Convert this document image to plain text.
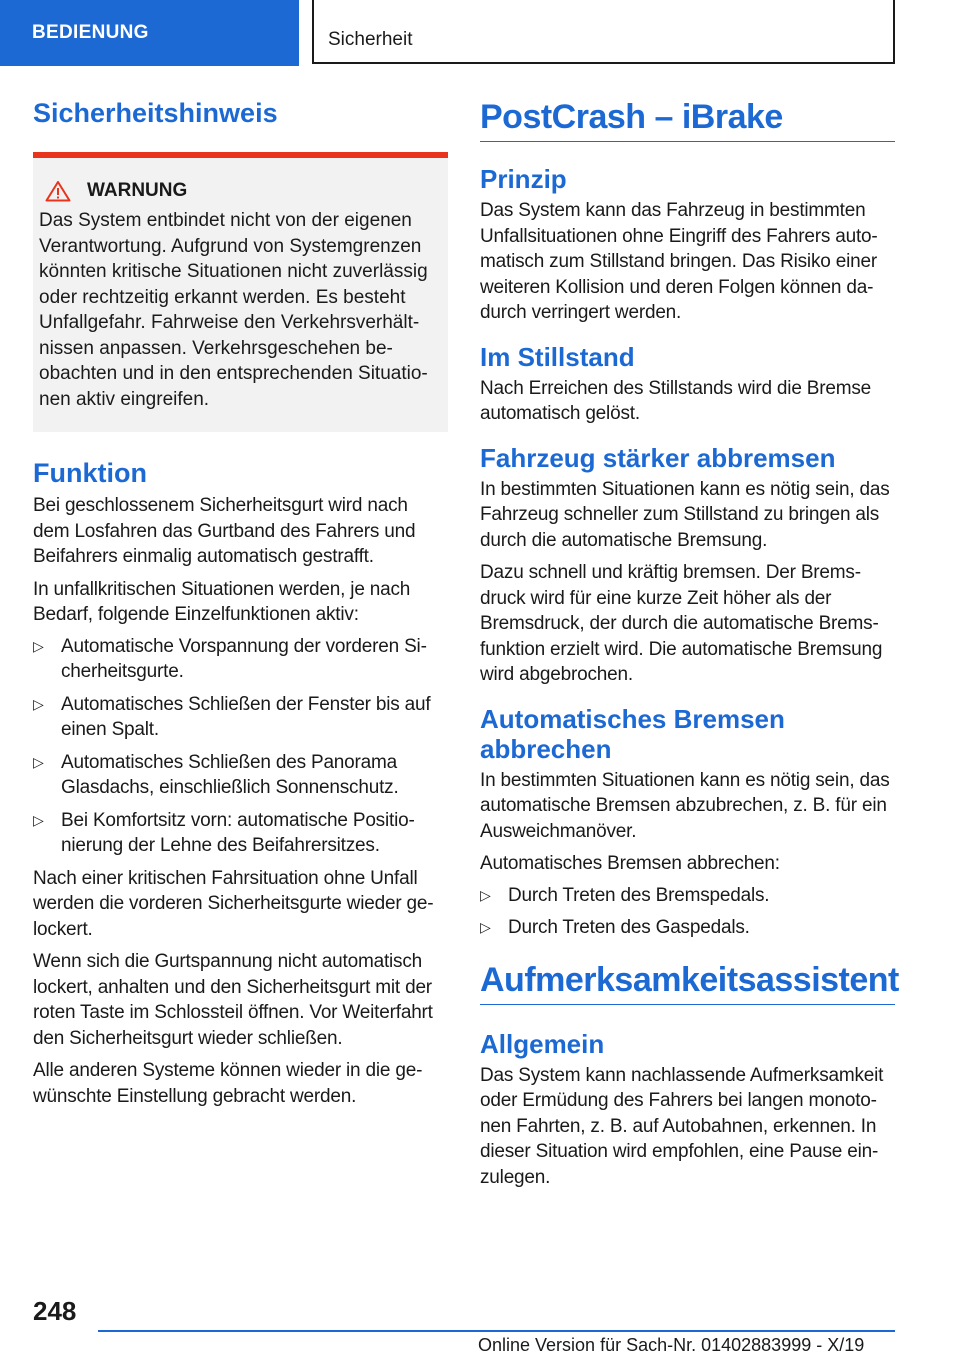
BEDIENUNG	Sicherheit
Sicherheitshinweis
WARNUNG
Das System entbindet nicht von der eigenen Verantwortung. Aufgrund von Systemgrenzen könnten kritische Situationen nicht zuverlässig oder rechtzeitig erkannt werden. Es besteht Unfallgefahr. Fahrweise den Verkehrsverhältnissen anpassen. Verkehrsgeschehen beobachten und in den entsprechenden Situationen aktiv eingreifen.
Funktion

Bei geschlossenem Sicherheitsgurt wird nach dem Losfahren das Gurtband des Fahrers und Beifahrers einmalig automatisch gestrafft.

In unfallkritischen Situationen werden, je nach Bedarf, folgende Einzelfunktionen aktiv:

▷ Automatische Vorspannung der vorderen Sicherheitsgurte.
▷ Automatisches Schließen der Fenster bis auf einen Spalt.
▷ Automatisches Schließen des Panorama Glasdachs, einschließlich Sonnenschutz.
▷ Bei Komfortsitz vorn: automatische Positionierung der Lehne des Beifahrersitzes.

Nach einer kritischen Fahrsituation ohne Unfall werden die vorderen Sicherheitsgurte wieder gelockert.

Wenn sich die Gurtspannung nicht automatisch lockert, anhalten und den Sicherheitsgurt mit der roten Taste im Schlossteil öffnen. Vor Weiterfahrt den Sicherheitsgurt wieder schließen.

Alle anderen Systeme können wieder in die gewünschte Einstellung gebracht werden.

PostCrash – iBrake
Prinzip

Das System kann das Fahrzeug in bestimmten Unfallsituationen ohne Eingriff des Fahrers automatisch zum Stillstand bringen. Das Risiko einer weiteren Kollision und deren Folgen können dadurch verringert werden.

Im Stillstand

Nach Erreichen des Stillstands wird die Bremse automatisch gelöst.

Fahrzeug stärker abbremsen

In bestimmten Situationen kann es nötig sein, das Fahrzeug schneller zum Stillstand zu bringen als durch die automatische Bremsung.

Dazu schnell und kräftig bremsen. Der Bremsdruck wird für eine kurze Zeit höher als der Bremsdruck, der durch die automatische Bremsfunktion erzielt wird. Die automatische Bremsung wird abgebrochen.

Automatisches Bremsen abbrechen

In bestimmten Situationen kann es nötig sein, das automatische Bremsen abzubrechen, z. B. für ein Ausweichmanöver.

Automatisches Bremsen abbrechen:

▷ Durch Treten des Bremspedals.
▷ Durch Treten des Gaspedals.
Aufmerksamkeitsassistent
Allgemein

Das System kann nachlassende Aufmerksamkeit oder Ermüdung des Fahrers bei langen monotonen Fahrten, z. B. auf Autobahnen, erkennen. In dieser Situation wird empfohlen, eine Pause einzulegen.

248
Online Version für Sach-Nr. 01402883999 - X/19
